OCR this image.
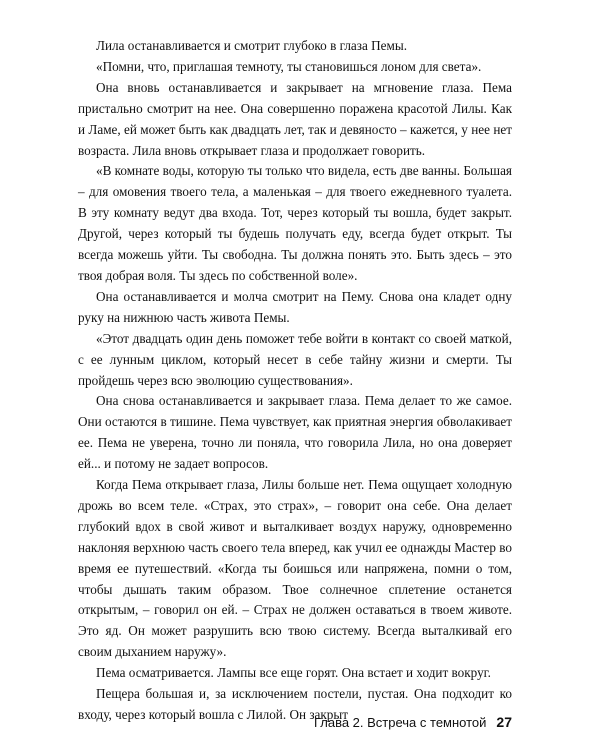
Лила останавливается и смотрит глубоко в глаза Пемы.

«Помни, что, приглашая темноту, ты становишься лоном для света».

Она вновь останавливается и закрывает на мгновение глаза. Пема пристально смотрит на нее. Она совершенно поражена красотой Лилы. Как и Ламе, ей может быть как двадцать лет, так и девяносто – кажется, у нее нет возраста. Лила вновь открывает глаза и продолжает говорить.

«В комнате воды, которую ты только что видела, есть две ванны. Большая – для омовения твоего тела, а маленькая – для твоего ежедневного туалета. В эту комнату ведут два входа. Тот, через который ты вошла, будет закрыт. Другой, через который ты будешь получать еду, всегда будет открыт. Ты всегда можешь уйти. Ты свободна. Ты должна понять это. Быть здесь – это твоя добрая воля. Ты здесь по собственной воле».

Она останавливается и молча смотрит на Пему. Снова она кладет одну руку на нижнюю часть живота Пемы.

«Этот двадцать один день поможет тебе войти в контакт со своей маткой, с ее лунным циклом, который несет в себе тайну жизни и смерти. Ты пройдешь через всю эволюцию существования».

Она снова останавливается и закрывает глаза. Пема делает то же самое. Они остаются в тишине. Пема чувствует, как приятная энергия обволакивает ее. Пема не уверена, точно ли поняла, что говорила Лила, но она доверяет ей... и потому не задает вопросов.

Когда Пема открывает глаза, Лилы больше нет. Пема ощущает холодную дрожь во всем теле. «Страх, это страх», – говорит она себе. Она делает глубокий вдох в свой живот и выталкивает воздух наружу, одновременно наклоняя верхнюю часть своего тела вперед, как учил ее однажды Мастер во время ее путешествий. «Когда ты боишься или напряжена, помни о том, чтобы дышать таким образом. Твое солнечное сплетение останется открытым, – говорил он ей. – Страх не должен оставаться в твоем животе. Это яд. Он может разрушить всю твою систему. Всегда выталкивай его своим дыханием наружу».

Пема осматривается. Лампы все еще горят. Она встает и ходит вокруг.

Пещера большая и, за исключением постели, пустая. Она подходит ко входу, через который вошла с Лилой. Он закрыт

Глава 2. Встреча с темнотой 27
